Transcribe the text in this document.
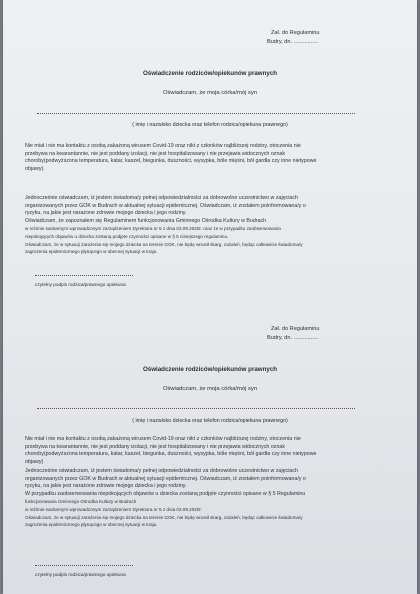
Zał. do Regulaminu
Budry, dn. ................
Oświadczenie rodziców/opiekunów prawnych
Oświadczam, że moja córka/mój syn
( imię i nazwisko dziecka oraz telefon rodzica/opiekuna prawnego)
Nie miał i nie ma kontaktu z osobą zakażoną wirusem Covid-19 oraz nikt z członków najbliższej rodziny, otoczenia nie
przebywa na kwarantannie, nie jest poddany izolacji, nie jest hospitalizowany i nie przejawia widocznych oznak
choroby(podwyższona temperatura, katar, kaszel, biegunka, duszności, wysypka, bóle mięśni, ból gardła czy inne nietypowe
objawy).
Jednocześnie oświadczam, iż jestem świadoma/y pełnej odpowiedzialności za dobrowolne uczestnictwo w zajęciach
organizowanych przez GOK w Budrach w aktualnej sytuacji epidemicznej. Oświadczam, iż zostałem poinformowana/y o
ryzyku, na jakie jest narażone zdrowie mojego dziecka i jego rodziny.
Oświadczam, że zapoznałem się Regulaminem funkcjonowania Gminnego Ośrodka Kultury w Budrach
w reżimie sanitarnym wprowadzonym zarządzeniem Dyrektora nr 5 z dnia 03.09.2020r. oraz że w przypadku zaobserwowania
niepokojących objawów u dziecka zostaną podjęte czynności opisane w § 5 niniejszego regulaminu.
Oświadczam, że w sytuacji zarażenia się mojego dziecka na terenie GOK, nie będę wnosił skarg, zażaleń, będąc całkowicie świadoma/y
zagrożenia epidemicznego płynącego w obecnej sytuacji w kraju.
czytelny podpis rodzica/prawnego opiekuna
Zał. do Regulaminu
Budry, dn. ................
Oświadczenie rodziców/opiekunów prawnych
Oświadczam, że moja córka/mój syn
( imię i nazwisko dziecka oraz telefon rodzica/opiekuna prawnego)
Nie miał i nie ma kontaktu z osobą zakażoną wirusem Covid-19 oraz nikt z członków najbliższej rodziny, otoczenia nie
przebywa na kwarantannie, nie jest poddany izolacji, nie jest hospitalizowany i nie przejawia widocznych oznak
choroby(podwyższona temperatura, katar, kaszel, biegunka, duszności, wysypka, bóle mięśni, ból gardła czy inne nietypowe
objawy)
Jednocześnie oświadczam, iż jestem świadoma/y pełnej odpowiedzialności za dobrowolne uczestnictwo w zajęciach
organizowanych przez GOK w Budrach w aktualnej sytuacji epidemicznej. Oświadczam, iż zostałem poinformowana/y o
ryzyku, na jakie jest narażone zdrowie mojego dziecka i jego rodziny.
W przypadku zaobserwowania niepokojących objawów u dziecka zostaną podjęte czynności opisane w § 5 Regulaminu
funkcjonowania Gminnego Ośrodka Kultury w Budrach
w reżimie sanitarnym wprowadzonym zarządzeniem Dyrektora nr 5 z dnia 03.09.2020r.
Oświadczam, że w sytuacji zarażenia się mojego dziecka na terenie GOK, nie będę wnosił skarg, zażaleń, będąc całkowicie świadoma/y
zagrożenia epidemicznego płynącego w obecnej sytuacji w kraju.
czytelny podpis rodzica/prawnego opiekuna
